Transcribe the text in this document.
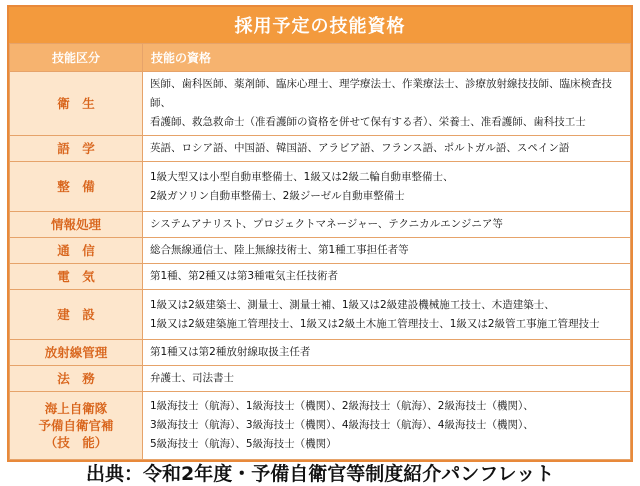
採用予定の技能資格
技能区分	技能の資格
衛　生	医師、歯科医師、薬剤師、臨床心理士、理学療法士、作業療法士、診療放射線技技師、臨床検査技師、
看護師、救急救命士（准看護師の資格を併せて保有する者）、栄養士、准看護師、歯科技工士
語　学	英語、ロシア語、中国語、韓国語、アラビア語、フランス語、ポルトガル語、スペイン語
整　備	1級大型又は小型自動車整備士、1級又は2級二輪自動車整備士、
2級ガソリン自動車整備士、2級ジーゼル自動車整備士
情報処理	システムアナリスト、プロジェクトマネージャー、テクニカルエンジニア等
通　信	総合無線通信士、陸上無線技術士、第1種工事担任者等
電　気	第1種、第2種又は第3種電気主任技術者
建　設	1級又は2級建築士、測量士、測量士補、1級又は2級建設機械施工技士、木造建築士、
1級又は2級建築施工管理技士、1級又は2級土木施工管理技士、1級又は2級管工事施工管理技士
放射線管理	第1種又は第2種放射線取扱主任者
法　務	弁護士、司法書士
海上自衛隊
予備自衛官補
（技　能）	1級海技士（航海）、1級海技士（機関）、2級海技士（航海）、2級海技士（機関）、
3級海技士（航海）、3級海技士（機関）、4級海技士（航海）、4級海技士（機関）、
5級海技士（航海）、5級海技士（機関）
出典：令和2年度・予備自衛官等制度紹介パンフレット
